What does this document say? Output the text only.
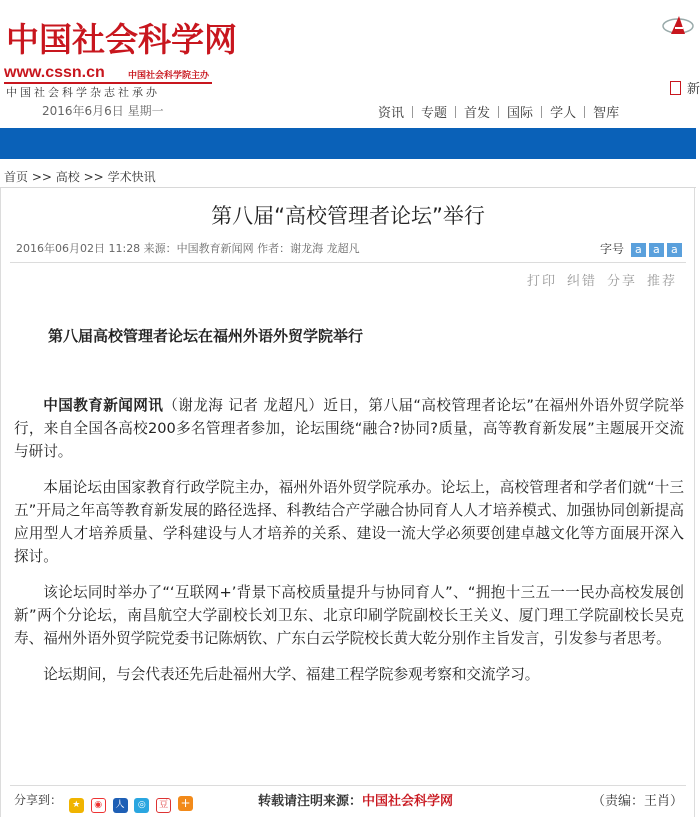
中国社会科学网
www.cssn.cn	中国社会科学院主办
中国社会科学杂志社承办
2016年6月6日 星期一
新
资讯 专题 首发 国际 学人 智库
首页 >> 高校 >> 学术快讯
第八届“高校管理者论坛”举行
2016年06月02日 11:28 来源：中国教育新闻网 作者：谢龙海 龙超凡	字号 a a a
打印 纠错 分享 推荐
第八届高校管理者论坛在福州外语外贸学院举行

中国教育新闻网讯（谢龙海 记者 龙超凡）近日，第八届“高校管理者论坛”在福州外语外贸学院举行，来自全国各高校200多名管理者参加，论坛围绕“融合?协同?质量，高等教育新发展”主题展开交流与研讨。

本届论坛由国家教育行政学院主办，福州外语外贸学院承办。论坛上，高校管理者和学者们就“十三五”开局之年高等教育新发展的路径选择、科教结合产学融合协同育人人才培养模式、加强协同创新提高应用型人才培养质量、学科建设与人才培养的关系、建设一流大学必须要创建卓越文化等方面展开深入探讨。

该论坛同时举办了“‘互联网+’背景下高校质量提升与协同育人”、“拥抱十三五一一民办高校发展创新”两个分论坛，南昌航空大学副校长刘卫东、北京印刷学院副校长王关义、厦门理工学院副校长吴克寿、福州外语外贸学院党委书记陈炳钦、广东白云学院校长黄大乾分别作主旨发言，引发参与者思考。

论坛期间，与会代表还先后赴福州大学、福建工程学院参观考察和交流学习。

分享到： ★ ◉ 人 ◎ 豆 +	转载请注明来源：中国社会科学网	（责编：王肖）
